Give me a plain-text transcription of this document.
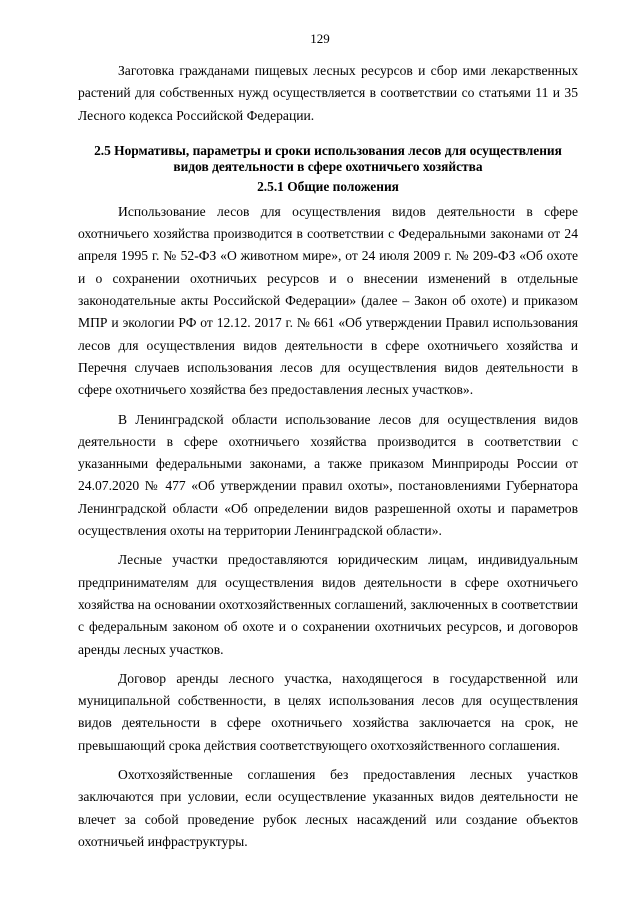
129

Заготовка гражданами пищевых лесных ресурсов и сбор ими лекарственных растений для собственных нужд осуществляется в соответствии со статьями 11 и 35 Лесного кодекса Российской Федерации.

2.5 Нормативы, параметры и сроки использования лесов для осуществления видов деятельности в сфере охотничьего хозяйства
2.5.1 Общие положения

Использование лесов для осуществления видов деятельности в сфере охотничьего хозяйства производится в соответствии с Федеральными законами от 24 апреля 1995 г. № 52-ФЗ «О животном мире», от 24 июля 2009 г. № 209-ФЗ «Об охоте и о сохранении охотничьих ресурсов и о внесении изменений в отдельные законодательные акты Российской Федерации» (далее – Закон об охоте) и приказом МПР и экологии РФ от 12.12. 2017 г. № 661 «Об утверждении Правил использования лесов для осуществления видов деятельности в сфере охотничьего хозяйства и Перечня случаев использования лесов для осуществления видов деятельности в сфере охотничьего хозяйства без предоставления лесных участков».

В Ленинградской области использование лесов для осуществления видов деятельности в сфере охотничьего хозяйства производится в соответствии с указанными федеральными законами, а также приказом Минприроды России от 24.07.2020 № 477 «Об утверждении правил охоты», постановлениями Губернатора Ленинградской области «Об определении видов разрешенной охоты и параметров осуществления охоты на территории Ленинградской области».

Лесные участки предоставляются юридическим лицам, индивидуальным предпринимателям для осуществления видов деятельности в сфере охотничьего хозяйства на основании охотхозяйственных соглашений, заключенных в соответствии с федеральным законом об охоте и о сохранении охотничьих ресурсов, и договоров аренды лесных участков.

Договор аренды лесного участка, находящегося в государственной или муниципальной собственности, в целях использования лесов для осуществления видов деятельности в сфере охотничьего хозяйства заключается на срок, не превышающий срока действия соответствующего охотхозяйственного соглашения.

Охотхозяйственные соглашения без предоставления лесных участков заключаются при условии, если осуществление указанных видов деятельности не влечет за собой проведение рубок лесных насаждений или создание объектов охотничьей инфраструктуры.
